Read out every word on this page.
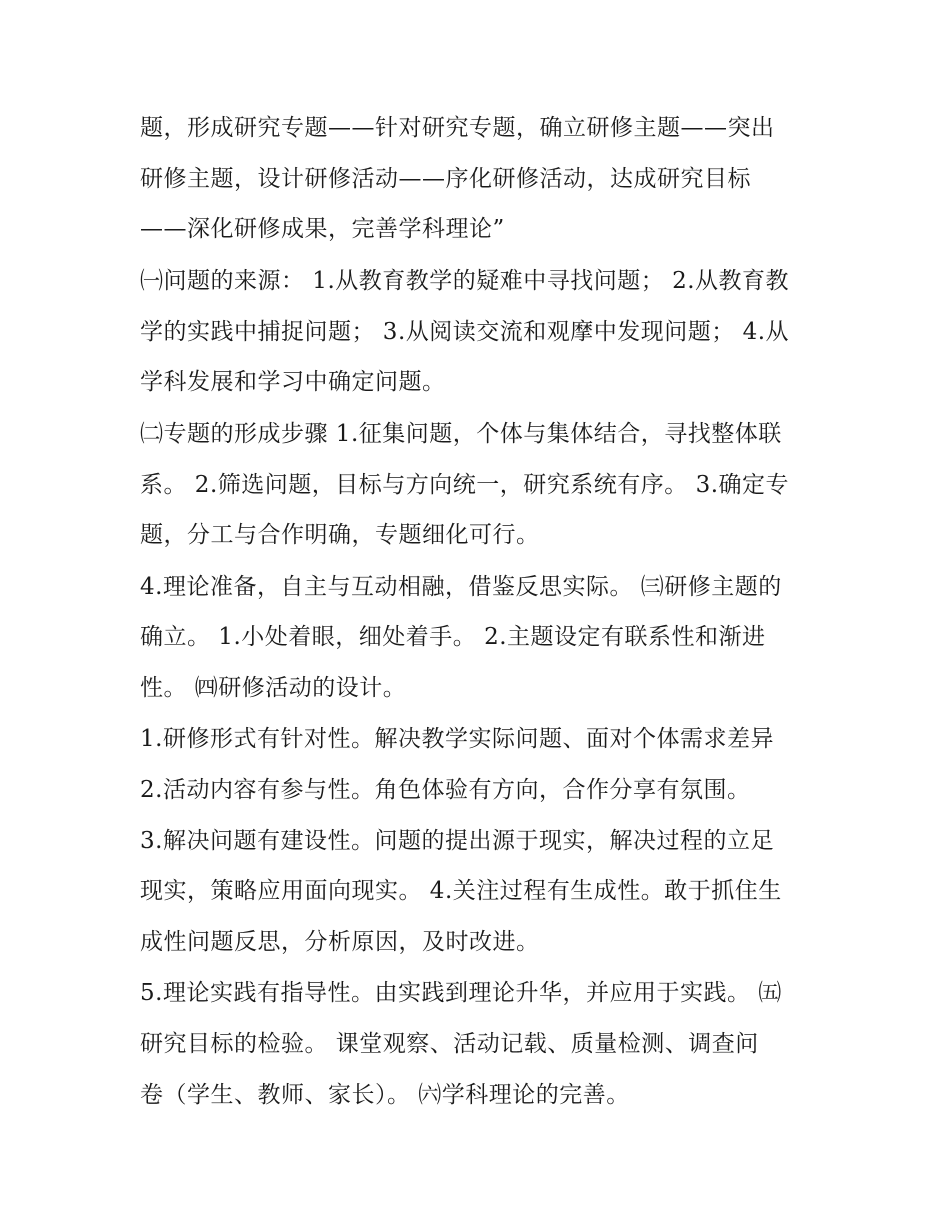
题，形成研究专题——针对研究专题，确立研修主题——突出
研修主题，设计研修活动——序化研修活动，达成研究目标
——深化研修成果，完善学科理论”
㈠问题的来源： 1.从教育教学的疑难中寻找问题； 2.从教育教
学的实践中捕捉问题； 3.从阅读交流和观摩中发现问题； 4.从
学科发展和学习中确定问题。
㈡专题的形成步骤 1.征集问题，个体与集体结合，寻找整体联
系。 2.筛选问题，目标与方向统一，研究系统有序。 3.确定专
题，分工与合作明确，专题细化可行。
4.理论准备，自主与互动相融，借鉴反思实际。 ㈢研修主题的
确立。 1.小处着眼，细处着手。 2.主题设定有联系性和渐进
性。 ㈣研修活动的设计。
1.研修形式有针对性。解决教学实际问题、面对个体需求差异
2.活动内容有参与性。角色体验有方向，合作分享有氛围。
3.解决问题有建设性。问题的提出源于现实，解决过程的立足
现实，策略应用面向现实。 4.关注过程有生成性。敢于抓住生
成性问题反思，分析原因，及时改进。
5.理论实践有指导性。由实践到理论升华，并应用于实践。 ㈤
研究目标的检验。 课堂观察、活动记载、质量检测、调查问
卷（学生、教师、家长）。 ㈥学科理论的完善。
